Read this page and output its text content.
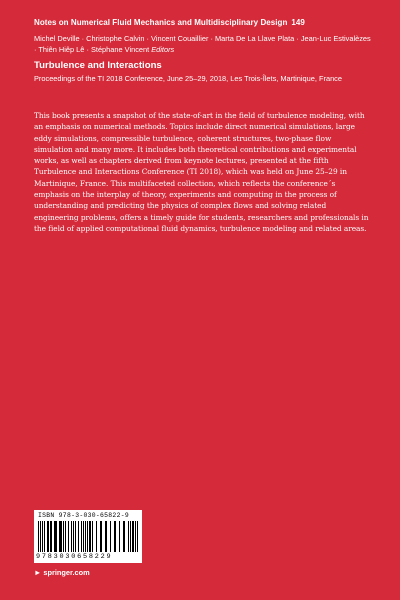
Notes on Numerical Fluid Mechanics and Multidisciplinary Design 149
Michel Deville · Christophe Calvin · Vincent Couaillier · Marta De La Llave Plata · Jean-Luc Estivalèzes · Thiên Hiêp Lê · Stéphane Vincent Editors
Turbulence and Interactions
Proceedings of the TI 2018 Conference, June 25–29, 2018, Les Trois-Îlets, Martinique, France

This book presents a snapshot of the state-of-art in the field of turbulence modeling, with an emphasis on numerical methods. Topics include direct numerical simulations, large eddy simulations, compressible turbulence, coherent structures, two-phase flow simulation and many more. It includes both theoretical contributions and experimental works, as well as chapters derived from keynote lectures, presented at the fifth Turbulence and Interactions Conference (TI 2018), which was held on June 25–29 in Martinique, France. This multifaceted collection, which reflects the conference´s emphasis on the interplay of theory, experiments and computing in the process of understanding and predicting the physics of complex flows and solving related engineering problems, offers a timely guide for students, researchers and professionals in the field of applied computational fluid dynamics, turbulence modeling and related areas.

ISBN 978-3-030-65822-9
9783030658229
► springer.com
